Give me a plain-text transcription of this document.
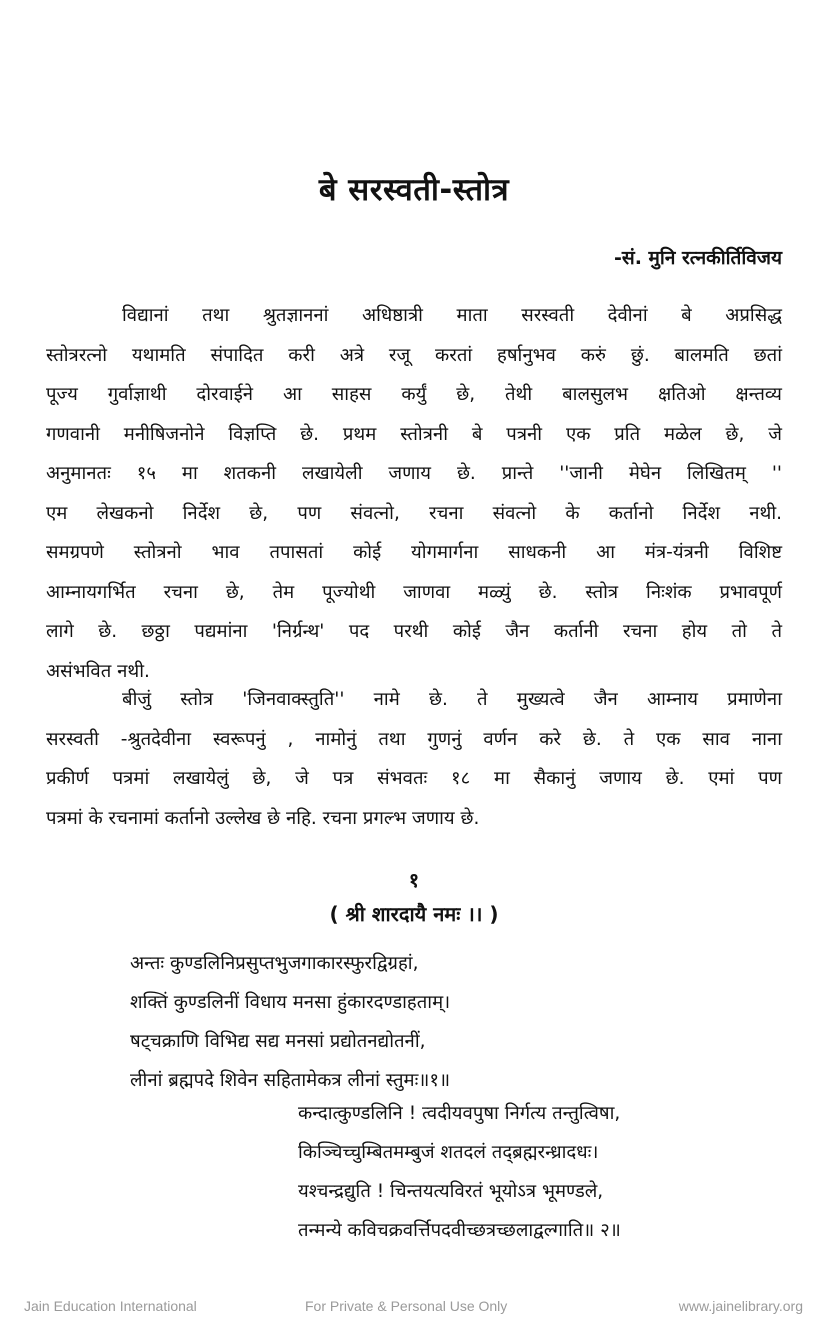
बे सरस्वती-स्तोत्र
-सं. मुनि रत्नकीर्तिविजय
विद्यानां तथा श्रुतज्ञाननां अधिष्ठात्री माता सरस्वती देवीनां बे अप्रसिद्ध
स्तोत्ररत्नो यथामति संपादित करी अत्रे रजू करतां हर्षानुभव करुं छुं. बालमति छतां
पूज्य गुर्वाज्ञाथी दोरवाईने आ साहस कर्युं छे, तेथी बालसुलभ क्षतिओ क्षन्तव्य
गणवानी मनीषिजनोने विज्ञप्ति छे. प्रथम स्तोत्रनी बे पत्रनी एक प्रति मळेल छे, जे
अनुमानतः १५ मा शतकनी लखायेली जणाय छे. प्रान्ते ''जानी मेघेन लिखितम् ''
एम लेखकनो निर्देश छे, पण संवत्नो, रचना संवत्नो के कर्तानो निर्देश नथी.
समग्रपणे स्तोत्रनो भाव तपासतां कोई योगमार्गना साधकनी आ मंत्र-यंत्रनी विशिष्ट
आम्नायगर्भित रचना छे, तेम पूज्योथी जाणवा मळ्युं छे. स्तोत्र निःशंक प्रभावपूर्ण
लागे छे. छठ्ठा पद्यमांना 'निर्ग्रन्थ' पद परथी कोई जैन कर्तानी रचना होय तो ते
असंभवित नथी.
बीजुं स्तोत्र 'जिनवाक्स्तुति'' नामे छे. ते मुख्यत्वे जैन आम्नाय प्रमाणेना
सरस्वती -श्रुतदेवीना स्वरूपनुं , नामोनुं तथा गुणनुं वर्णन करे छे. ते एक साव नाना
प्रकीर्ण पत्रमां लखायेलुं छे, जे पत्र संभवतः १८ मा सैकानुं जणाय छे. एमां पण
पत्रमां के रचनामां कर्तानो उल्लेख छे नहि. रचना प्रगल्भ जणाय छे.
१
( श्री शारदायै नमः ।। )
अन्तः कुण्डलिनिप्रसुप्तभुजगाकारस्फुरद्विग्रहां,
शक्तिं कुण्डलिनीं विधाय मनसा हुंकारदण्डाहताम्।
षट्चक्राणि विभिद्य सद्य मनसां प्रद्योतनद्योतनीं,
लीनां ब्रह्मपदे शिवेन सहितामेकत्र लीनां स्तुमः॥१॥
कन्दात्कुण्डलिनि ! त्वदीयवपुषा निर्गत्य तन्तुत्विषा,
किञ्चिच्चुम्बितमम्बुजं शतदलं तद्ब्रह्मरन्ध्रादधः।
यश्चन्द्रद्युति ! चिन्तयत्यविरतं भूयोऽत्र भूमण्डले,
तन्मन्ये कविचक्रवर्त्तिपदवीच्छत्रच्छलाद्वल्गाति॥ २॥
Jain Education International	For Private & Personal Use Only	www.jainelibrary.org
